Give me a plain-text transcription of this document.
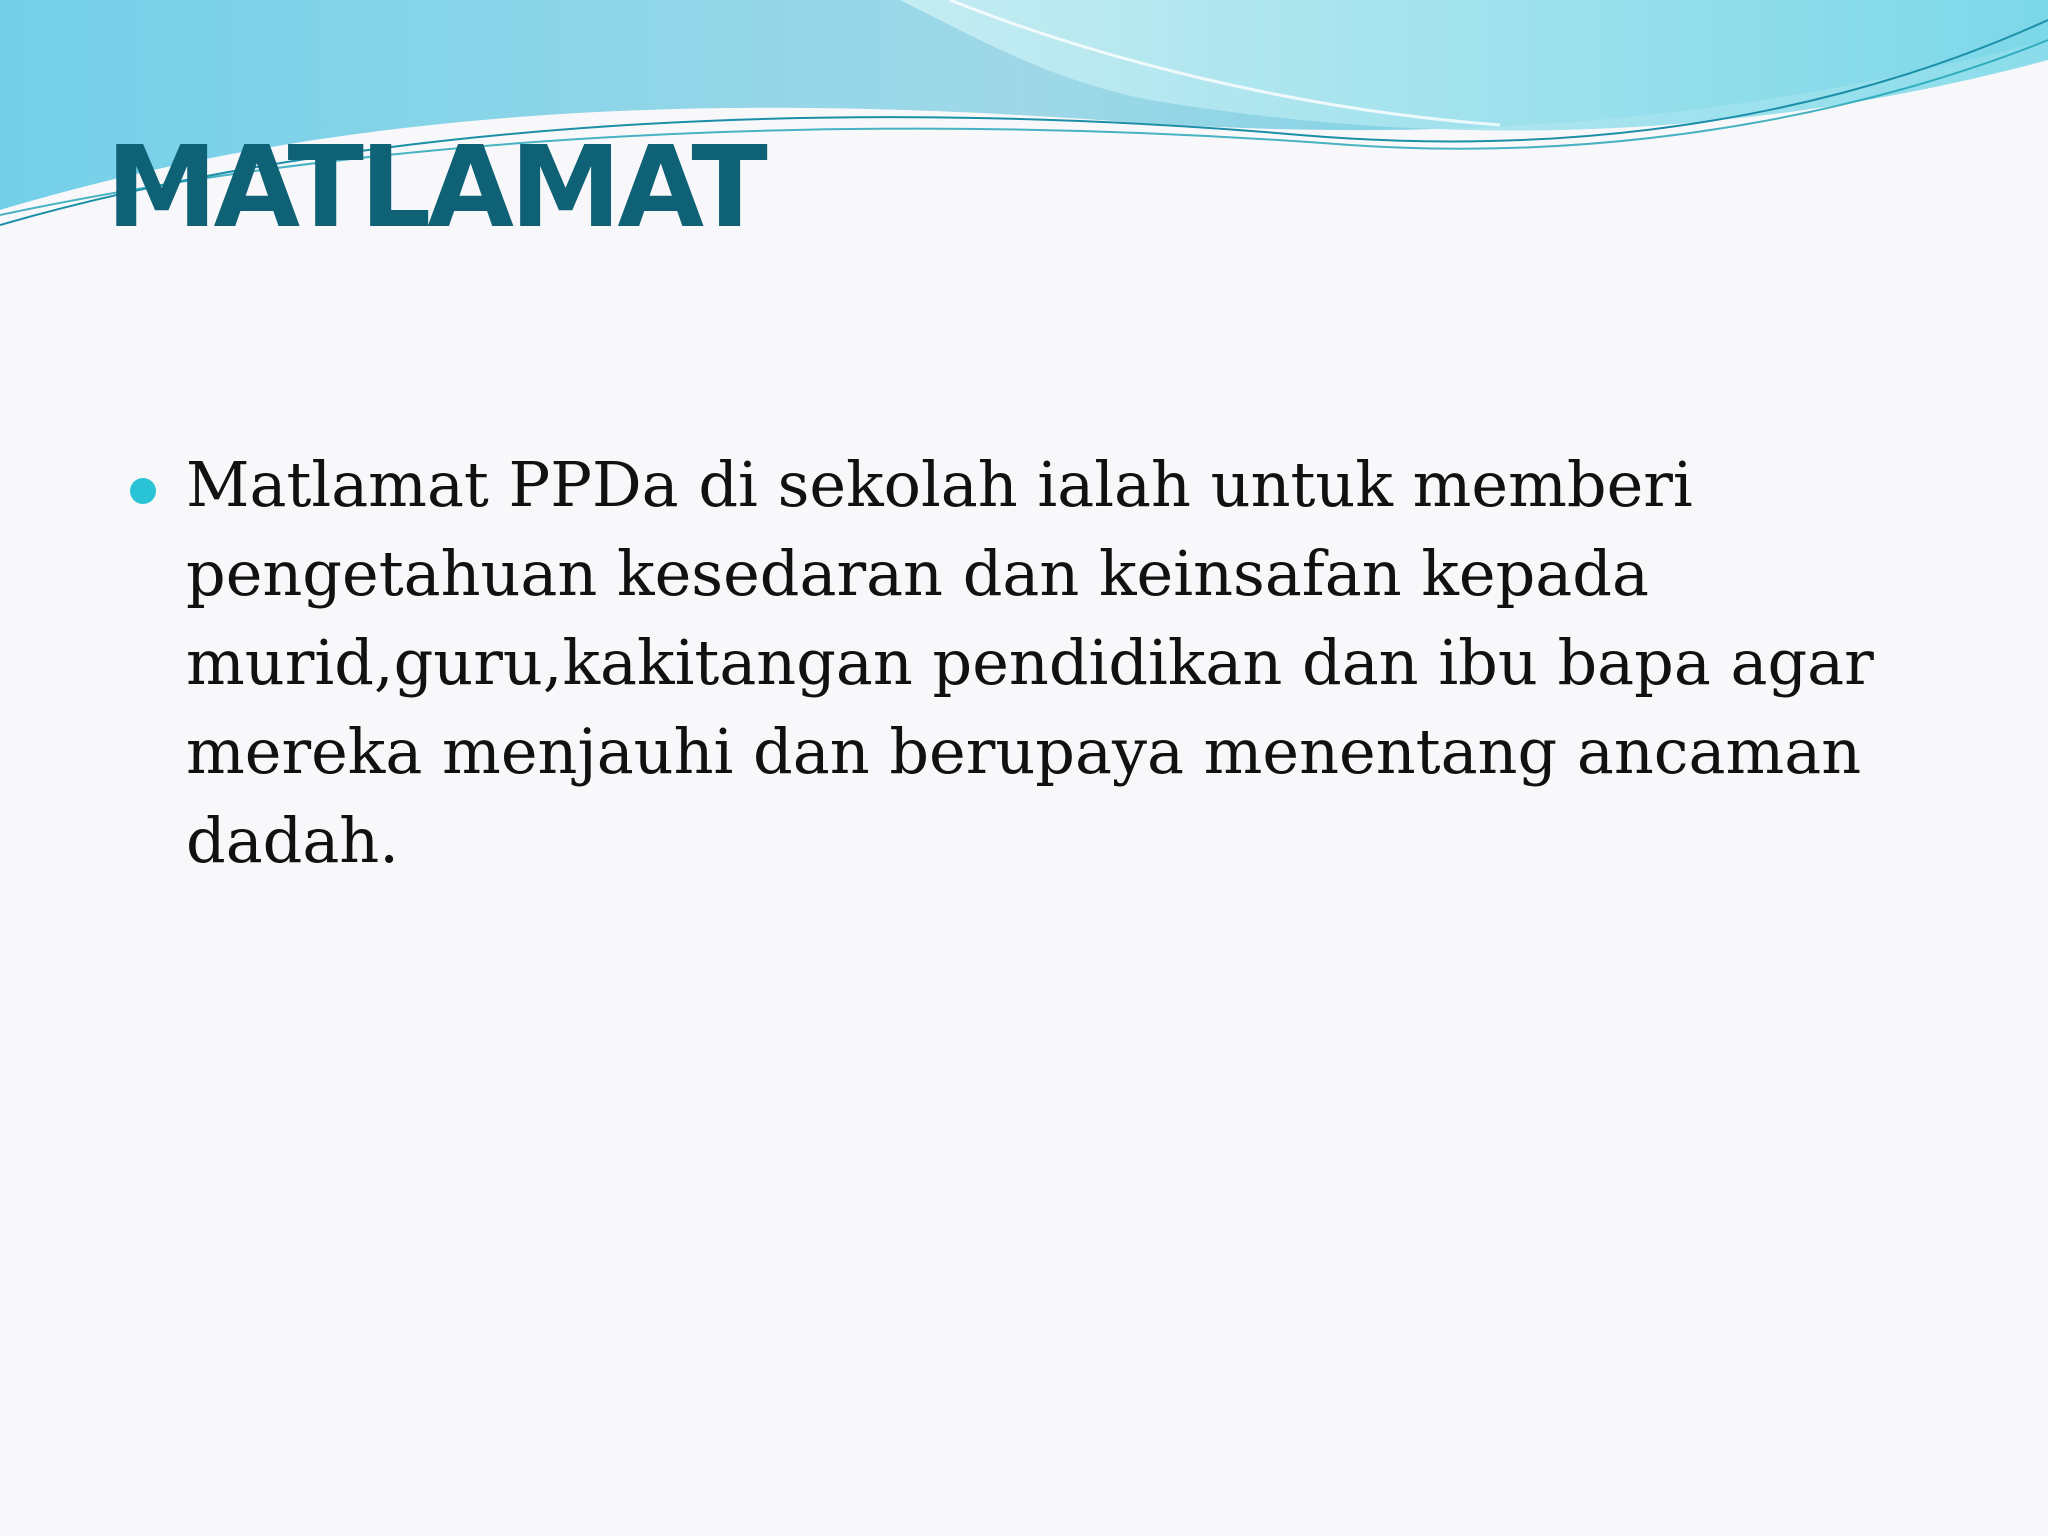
MATLAMAT
Matlamat PPDa di sekolah ialah untuk memberi pengetahuan kesedaran dan keinsafan kepada murid,guru,kakitangan pendidikan dan ibu bapa agar mereka menjauhi dan berupaya menentang ancaman dadah.
